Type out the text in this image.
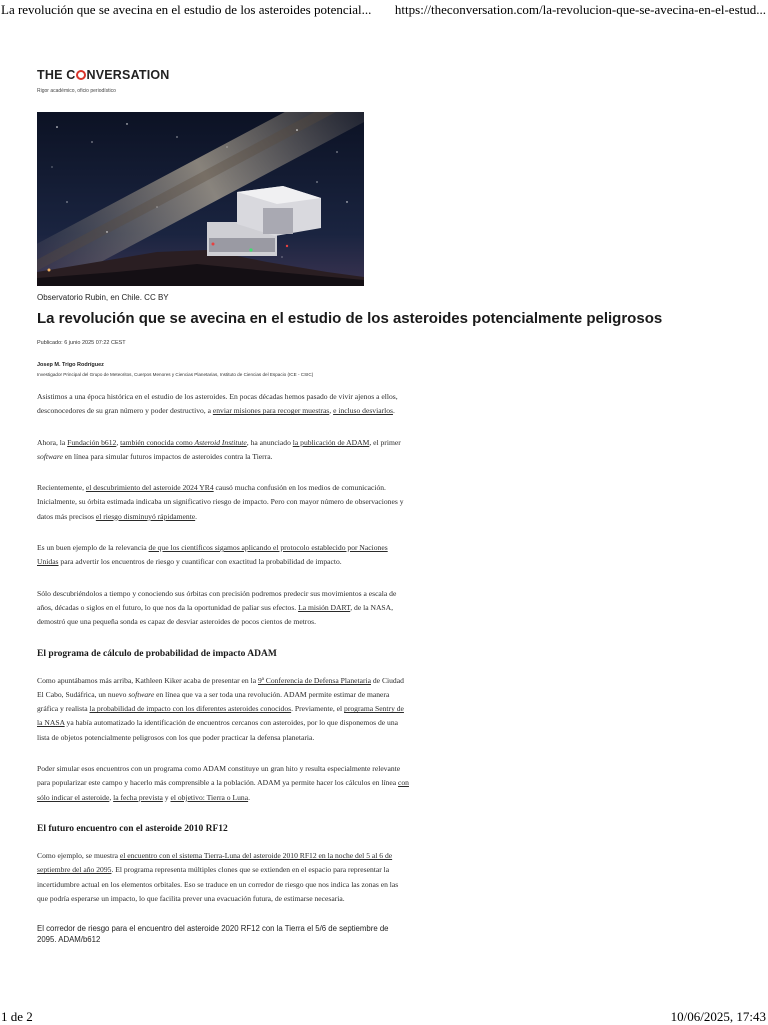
La revolución que se avecina en el estudio de los asteroides potencial... https://theconversation.com/la-revolucion-que-se-avecina-en-el-estud...
THE C NVERSATION
Rigor académico, oficio periodístico
Observatorio Rubin, en Chile. CC BY
La revolución que se avecina en el estudio de los asteroides potencialmente peligrosos
Publicado: 6 junio 2025 07:22 CEST
Josep M. Trigo Rodríguez
Investigador Principal del Grupo de Meteoritos, Cuerpos Menores y Ciencias Planetarias, Instituto de Ciencias del Espacio (ICE - CSIC)

Asistimos a una época histórica en el estudio de los asteroides. En pocas décadas hemos pasado de vivir ajenos a ellos, desconocedores de su gran número y poder destructivo, a enviar misiones para recoger muestras, e incluso desviarlos.

Ahora, la Fundación b612, también conocida como Asteroid Institute, ha anunciado la publicación de ADAM, el primer software en línea para simular futuros impactos de asteroides contra la Tierra.

Recientemente, el descubrimiento del asteroide 2024 YR4 causó mucha confusión en los medios de comunicación. Inicialmente, su órbita estimada indicaba un significativo riesgo de impacto. Pero con mayor número de observaciones y datos más precisos el riesgo disminuyó rápidamente.

Es un buen ejemplo de la relevancia de que los científicos sigamos aplicando el protocolo establecido por Naciones Unidas para advertir los encuentros de riesgo y cuantificar con exactitud la probabilidad de impacto.

Sólo descubriéndolos a tiempo y conociendo sus órbitas con precisión podremos predecir sus movimientos a escala de años, décadas o siglos en el futuro, lo que nos da la oportunidad de paliar sus efectos. La misión DART, de la NASA, demostró que una pequeña sonda es capaz de desviar asteroides de pocos cientos de metros.

El programa de cálculo de probabilidad de impacto ADAM

Como apuntábamos más arriba, Kathleen Kiker acaba de presentar en la 9ª Conferencia de Defensa Planetaria de Ciudad El Cabo, Sudáfrica, un nuevo software en línea que va a ser toda una revolución. ADAM permite estimar de manera gráfica y realista la probabilidad de impacto con los diferentes asteroides conocidos. Previamente, el programa Sentry de la NASA ya había automatizado la identificación de encuentros cercanos con asteroides, por lo que disponemos de una lista de objetos potencialmente peligrosos con los que poder practicar la defensa planetaria.

Poder simular esos encuentros con un programa como ADAM constituye un gran hito y resulta especialmente relevante para popularizar este campo y hacerlo más comprensible a la población. ADAM ya permite hacer los cálculos en línea con sólo indicar el asteroide, la fecha prevista y el objetivo: Tierra o Luna.

El futuro encuentro con el asteroide 2010 RF12

Como ejemplo, se muestra el encuentro con el sistema Tierra-Luna del asteroide 2010 RF12 en la noche del 5 al 6 de septiembre del año 2095. El programa representa múltiples clones que se extienden en el espacio para representar la incertidumbre actual en los elementos orbitales. Eso se traduce en un corredor de riesgo que nos indica las zonas en las que podría esperarse un impacto, lo que facilita prever una evacuación futura, de estimarse necesaria.

El corredor de riesgo para el encuentro del asteroide 2020 RF12 con la Tierra el 5/6 de septiembre de 2095. ADAM/b612
1 de 2	10/06/2025, 17:43
